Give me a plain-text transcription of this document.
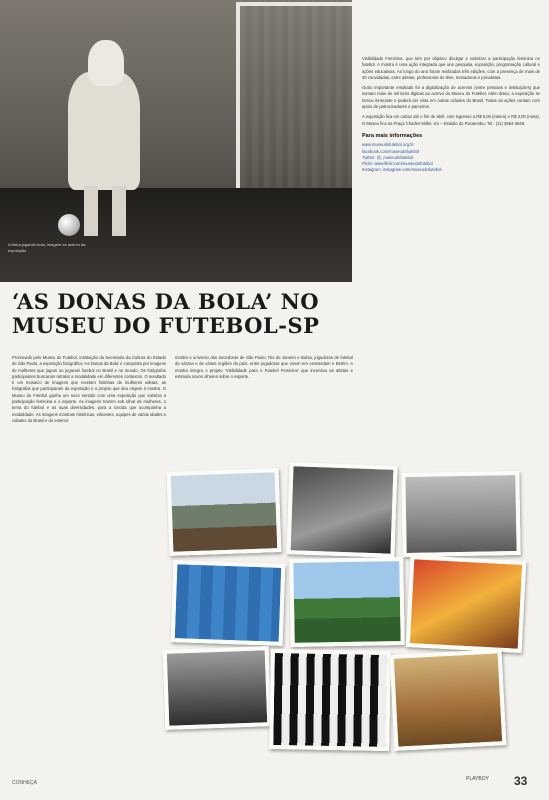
A freira jogando bola, imagem do acervo da exposição

Visibilidade Feminina, que tem por objetivo divulgar e valorizar a participação feminina no futebol. A mostra é uma ação integrada que une pesquisa, exposição, programação cultural e ações educativas. Ao longo do ano foram realizadas três edições, com a presença de mais de 30 convidadas, entre atletas, professoras do time, treinadoras e jornalistas.

Outro importante resultado foi a digitalização de acervos (entre pessoas e instituições) que somam mais de mil itens digitais ao acervo do Museu do Futebol. Além disso, a exposição se tornou itinerante e poderá ser vista em outras cidades do Brasil. Todas as ações contam com apoio de patrocinadores e parceiros.

A exposição fica em cartaz até o fim de abril, com ingresso a R$ 6,00 (inteira) e R$ 3,00 (meia). O Museu fica na Praça Charles Miller, s/n – Estádio do Pacaembu. Tel.: (11) 3664-3848.

Para mais informações
www.museudofutebol.org.br
facebook.com/museudofutebol
Twitter: @_museudofutebol
Flickr: www.flickr.com/museudofutebol
Instagram: instagram.com/museudofutebol
‘AS DONAS DA BOLA’ NO
MUSEU DO FUTEBOL-SP
Promovido pelo Museu do Futebol, instituição da Secretaria da Cultura do Estado de São Paulo, a exposição fotográfica ‘As Donas da Bola’ é composta por imagens de mulheres que jogam ou jogaram futebol no Brasil e no mundo. Os fotógrafos participantes buscaram retratar a modalidade em diferentes contextos. O resultado é um mosaico de imagens que revelam histórias de mulheres atletas, as fotógrafas que participaram da exposição e o projeto que deu origem à mostra. O Museu do Futebol ganha um novo sentido com uma exposição que valoriza a participação feminina e o esporte. As imagens trazem sob olhar de mulheres, o tema do futebol e as suas diversidades, para a torcida que acompanha a modalidade. As imagens mostram históricas, vibrantes, equipes de várias idades e cidades do Brasil e do exterior.
mostra o universo das torcedoras de São Paulo, Rio de Janeiro e Bahia, jogadoras de futebol de várzea e de várias regiões do país, entre jogadoras que vivem em Amsterdam e Berlim. A mostra integra o projeto ‘Visibilidade para o Futebol Feminino’ que incentiva as atletas e estimula novos olhares sobre o esporte.
CONHEÇA
PLAYBOY 33
